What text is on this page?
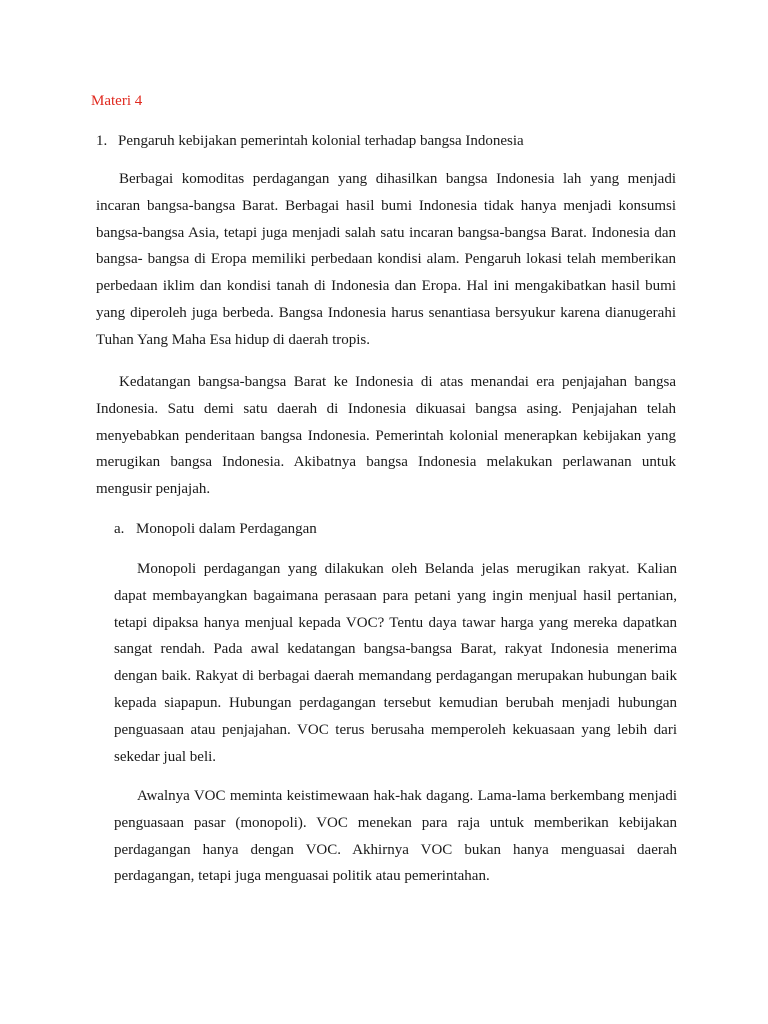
Materi 4
1. Pengaruh kebijakan pemerintah kolonial terhadap bangsa Indonesia

Berbagai komoditas perdagangan yang dihasilkan bangsa Indonesia lah yang menjadi incaran bangsa-bangsa Barat. Berbagai hasil bumi Indonesia tidak hanya menjadi konsumsi bangsa-bangsa Asia, tetapi juga menjadi salah satu incaran bangsa-bangsa Barat. Indonesia dan bangsa- bangsa di Eropa memiliki perbedaan kondisi alam. Pengaruh lokasi telah memberikan perbedaan iklim dan kondisi tanah di Indonesia dan Eropa. Hal ini mengakibatkan hasil bumi yang diperoleh juga berbeda. Bangsa Indonesia harus senantiasa bersyukur karena dianugerahi Tuhan Yang Maha Esa hidup di daerah tropis.

Kedatangan bangsa-bangsa Barat ke Indonesia di atas menandai era penjajahan bangsa Indonesia. Satu demi satu daerah di Indonesia dikuasai bangsa asing. Penjajahan telah menyebabkan penderitaan bangsa Indonesia. Pemerintah kolonial menerapkan kebijakan yang merugikan bangsa Indonesia. Akibatnya bangsa Indonesia melakukan perlawanan untuk mengusir penjajah.

a. Monopoli dalam Perdagangan

Monopoli perdagangan yang dilakukan oleh Belanda jelas merugikan rakyat. Kalian dapat membayangkan bagaimana perasaan para petani yang ingin menjual hasil pertanian, tetapi dipaksa hanya menjual kepada VOC? Tentu daya tawar harga yang mereka dapatkan sangat rendah. Pada awal kedatangan bangsa-bangsa Barat, rakyat Indonesia menerima dengan baik. Rakyat di berbagai daerah memandang perdagangan merupakan hubungan baik kepada siapapun. Hubungan perdagangan tersebut kemudian berubah menjadi hubungan penguasaan atau penjajahan. VOC terus berusaha memperoleh kekuasaan yang lebih dari sekedar jual beli.

Awalnya VOC meminta keistimewaan hak-hak dagang. Lama-lama berkembang menjadi penguasaan pasar (monopoli). VOC menekan para raja untuk memberikan kebijakan perdagangan hanya dengan VOC. Akhirnya VOC bukan hanya menguasai daerah perdagangan, tetapi juga menguasai politik atau pemerintahan.
